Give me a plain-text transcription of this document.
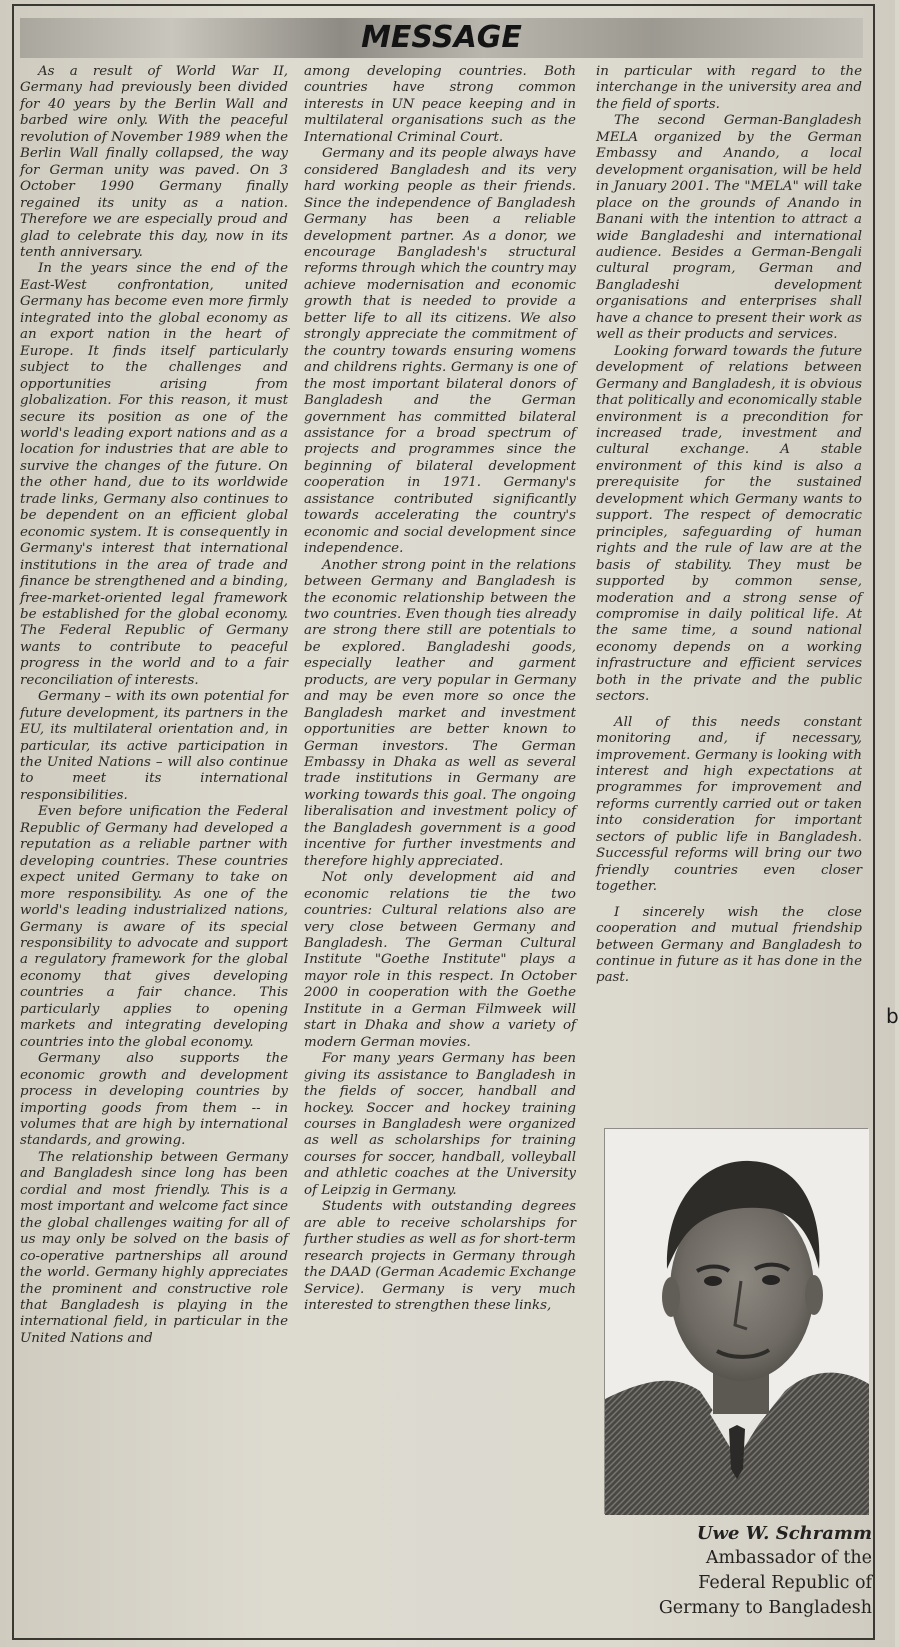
MESSAGE

As a result of World War II, Germany had previously been divided for 40 years by the Berlin Wall and barbed wire only. With the peaceful revolution of November 1989 when the Berlin Wall finally collapsed, the way for German unity was paved. On 3 October 1990 Germany finally regained its unity as a nation. Therefore we are especially proud and glad to celebrate this day, now in its tenth anniversary.

In the years since the end of the East-West confrontation, united Germany has become even more firmly integrated into the global economy as an export nation in the heart of Europe. It finds itself particularly subject to the challenges and opportunities arising from globalization. For this reason, it must secure its position as one of the world's leading export nations and as a location for industries that are able to survive the changes of the future. On the other hand, due to its worldwide trade links, Germany also continues to be dependent on an efficient global economic system. It is consequently in Germany's interest that international institutions in the area of trade and finance be strengthened and a binding, free-market-oriented legal framework be established for the global economy. The Federal Republic of Germany wants to contribute to peaceful progress in the world and to a fair reconciliation of interests.

Germany – with its own potential for future development, its partners in the EU, its multilateral orientation and, in particular, its active participation in the United Nations – will also continue to meet its international responsibilities.

Even before unification the Federal Republic of Germany had developed a reputation as a reliable partner with developing countries. These countries expect united Germany to take on more responsibility. As one of the world's leading industrialized nations, Germany is aware of its special responsibility to advocate and support a regulatory framework for the global economy that gives developing countries a fair chance. This particularly applies to opening markets and integrating developing countries into the global economy.

Germany also supports the economic growth and development process in developing countries by importing goods from them -- in volumes that are high by international standards, and growing.

The relationship between Germany and Bangladesh since long has been cordial and most friendly. This is a most important and welcome fact since the global challenges waiting for all of us may only be solved on the basis of co-operative partnerships all around the world. Germany highly appreciates the prominent and constructive role that Bangladesh is playing in the international field, in particular in the United Nations and

among developing countries. Both countries have strong common interests in UN peace keeping and in multilateral organisations such as the International Criminal Court.

Germany and its people always have considered Bangladesh and its very hard working people as their friends. Since the independence of Bangladesh Germany has been a reliable development partner. As a donor, we encourage Bangladesh's structural reforms through which the country may achieve modernisation and economic growth that is needed to provide a better life to all its citizens. We also strongly appreciate the commitment of the country towards ensuring womens and childrens rights. Germany is one of the most important bilateral donors of Bangladesh and the German government has committed bilateral assistance for a broad spectrum of projects and programmes since the beginning of bilateral development cooperation in 1971. Germany's assistance contributed significantly towards accelerating the country's economic and social development since independence.

Another strong point in the relations between Germany and Bangladesh is the economic relationship between the two countries. Even though ties already are strong there still are potentials to be explored. Bangladeshi goods, especially leather and garment products, are very popular in Germany and may be even more so once the Bangladesh market and investment opportunities are better known to German investors. The German Embassy in Dhaka as well as several trade institutions in Germany are working towards this goal. The ongoing liberalisation and investment policy of the Bangladesh government is a good incentive for further investments and therefore highly appreciated.

Not only development aid and economic relations tie the two countries: Cultural relations also are very close between Germany and Bangladesh. The German Cultural Institute "Goethe Institute" plays a mayor role in this respect. In October 2000 in cooperation with the Goethe Institute in a German Filmweek will start in Dhaka and show a variety of modern German movies.

For many years Germany has been giving its assistance to Bangladesh in the fields of soccer, handball and hockey. Soccer and hockey training courses in Bangladesh were organized as well as scholarships for training courses for soccer, handball, volleyball and athletic coaches at the University of Leipzig in Germany.

Students with outstanding degrees are able to receive scholarships for further studies as well as for short-term research projects in Germany through the DAAD (German Academic Exchange Service). Germany is very much interested to strengthen these links,

in particular with regard to the interchange in the university area and the field of sports.

The second German-Bangladesh MELA organized by the German Embassy and Anando, a local development organisation, will be held in January 2001. The "MELA" will take place on the grounds of Anando in Banani with the intention to attract a wide Bangladeshi and international audience. Besides a German-Bengali cultural program, German and Bangladeshi development organisations and enterprises shall have a chance to present their work as well as their products and services.

Looking forward towards the future development of relations between Germany and Bangladesh, it is obvious that politically and economically stable environment is a precondition for increased trade, investment and cultural exchange. A stable environment of this kind is also a prerequisite for the sustained development which Germany wants to support. The respect of democratic principles, safeguarding of human rights and the rule of law are at the basis of stability. They must be supported by common sense, moderation and a strong sense of compromise in daily political life. At the same time, a sound national economy depends on a working infrastructure and efficient services both in the private and the public sectors.

All of this needs constant monitoring and, if necessary, improvement. Germany is looking with interest and high expectations at programmes for improvement and reforms currently carried out or taken into consideration for important sectors of public life in Bangladesh. Successful reforms will bring our two friendly countries even closer together.

I sincerely wish the close cooperation and mutual friendship between Germany and Bangladesh to continue in future as it has done in the past.

Uwe W. Schramm
Ambassador of the
Federal Republic of
Germany to Bangladesh
b
